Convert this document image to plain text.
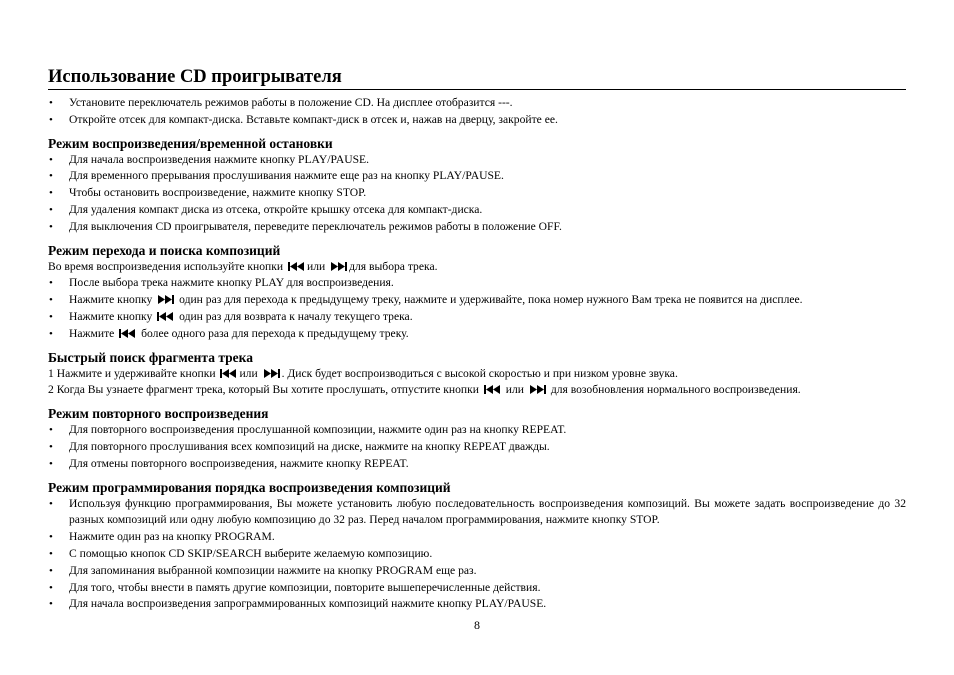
Использование CD проигрывателя
• Установите переключатель режимов работы в положение CD. На дисплее отобразится ---.
• Откройте отсек для компакт-диска. Вставьте компакт-диск в отсек и, нажав на дверцу, закройте ее.
Режим воспроизведения/временной остановки
• Для начала воспроизведения нажмите кнопку PLAY/PAUSE.
• Для временного прерывания прослушивания нажмите еще раз на кнопку PLAY/PAUSE.
• Чтобы остановить воспроизведение, нажмите кнопку STOP.
• Для удаления компакт диска из отсека, откройте крышку отсека для компакт-диска.
• Для выключения CD проигрывателя, переведите переключатель режимов работы в положение OFF.
Режим перехода и поиска композиций

Во время воспроизведения используйте кнопки или для выбора трека.

• После выбора трека нажмите кнопку PLAY для воспроизведения.
• Нажмите кнопку один раз для перехода к предыдущему треку, нажмите и удерживайте, пока номер нужного Вам трека не появится на дисплее.
• Нажмите кнопку один раз для возврата к началу текущего трека.
• Нажмите более одного раза для перехода к предыдущему треку.
Быстрый поиск фрагмента трека

1 Нажмите и удерживайте кнопки или . Диск будет воспроизводиться с высокой скоростью и при низком уровне звука.

2 Когда Вы узнаете фрагмент трека, который Вы хотите прослушать, отпустите кнопки или для возобновления нормального воспроизведения.

Режим повторного воспроизведения
• Для повторного воспроизведения прослушанной композиции, нажмите один раз на кнопку REPEAT.
• Для повторного прослушивания всех композиций на диске, нажмите на кнопку REPEAT дважды.
• Для отмены повторного воспроизведения, нажмите кнопку REPEAT.
Режим программирования порядка воспроизведения композиций
• Используя функцию программирования, Вы можете установить любую последовательность воспроизведения композиций. Вы можете задать воспроизведение до 32 разных композиций или одну любую композицию до 32 раз. Перед началом программирования, нажмите кнопку STOP.
• Нажмите один раз на кнопку PROGRAM.
• С помощью кнопок CD SKIP/SEARCH выберите желаемую композицию.
• Для запоминания выбранной композиции нажмите на кнопку PROGRAM еще раз.
• Для того, чтобы внести в память другие композиции, повторите вышеперечисленные действия.
• Для начала воспроизведения запрограммированных композиций нажмите кнопку PLAY/PAUSE.
8
